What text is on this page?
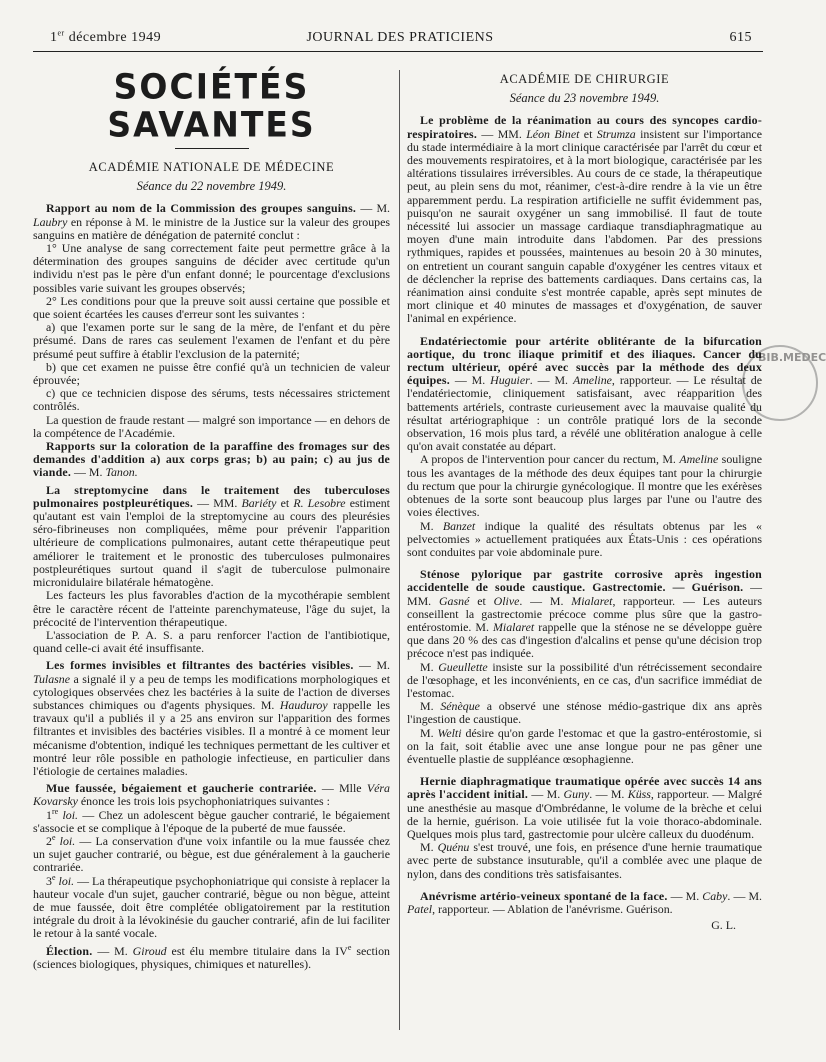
1er décembre 1949	JOURNAL DES PRATICIENS	615
BIB.MEDEC
SOCIÉTÉS SAVANTES
ACADÉMIE NATIONALE DE MÉDECINE
Séance du 22 novembre 1949.

Rapport au nom de la Commission des groupes sanguins. — M. Laubry en réponse à M. le ministre de la Justice sur la valeur des groupes sanguins en matière de dénégation de paternité conclut :

1° Une analyse de sang correctement faite peut permettre grâce à la détermination des groupes sanguins de décider avec certitude qu'un individu n'est pas le père d'un enfant donné; le pourcentage d'exclusions possibles varie suivant les groupes observés;

2° Les conditions pour que la preuve soit aussi certaine que possible et que soient écartées les causes d'erreur sont les suivantes :

a) que l'examen porte sur le sang de la mère, de l'enfant et du père présumé. Dans de rares cas seulement l'examen de l'enfant et du père présumé peut suffire à établir l'exclusion de la paternité;

b) que cet examen ne puisse être confié qu'à un technicien de valeur éprouvée;

c) que ce technicien dispose des sérums, tests nécessaires strictement contrôlés.

La question de fraude restant — malgré son importance — en dehors de la compétence de l'Académie.

Rapports sur la coloration de la paraffine des fromages sur des demandes d'addition a) aux corps gras; b) au pain; c) au jus de viande. — M. Tanon.

La streptomycine dans le traitement des tuberculoses pulmonaires postpleurétiques. — MM. Bariéty et R. Lesobre estiment qu'autant est vain l'emploi de la streptomycine au cours des pleurésies séro-fibrineuses non compliquées, même pour prévenir l'apparition ultérieure de complications pulmonaires, autant cette thérapeutique peut améliorer le traitement et le pronostic des tuberculoses pulmonaires postpleurétiques surtout quand il s'agit de tuberculose pulmonaire micronidulaire bilatérale hématogène.

Les facteurs les plus favorables d'action de la mycothérapie semblent être le caractère récent de l'atteinte parenchymateuse, l'âge du sujet, la précocité de l'intervention thérapeutique.

L'association de P. A. S. a paru renforcer l'action de l'antibiotique, quand celle-ci avait été insuffisante.

Les formes invisibles et filtrantes des bactéries visibles. — M. Tulasne a signalé il y a peu de temps les modifications morphologiques et cytologiques observées chez les bactéries à la suite de l'action de diverses substances chimiques ou d'agents physiques. M. Hauduroy rappelle les travaux qu'il a publiés il y a 25 ans environ sur l'apparition des formes filtrantes et invisibles des bactéries visibles. Il a montré à ce moment leur mécanisme d'obtention, indiqué les techniques permettant de les cultiver et montré leur rôle possible en pathologie infectieuse, en particulier dans l'étiologie de certaines maladies.

Mue faussée, bégaiement et gaucherie contrariée. — Mlle Véra Kovarsky énonce les trois lois psychophoniatriques suivantes :

1re loi. — Chez un adolescent bègue gaucher contrarié, le bégaiement s'associe et se complique à l'époque de la puberté de mue faussée.

2e loi. — La conservation d'une voix infantile ou la mue faussée chez un sujet gaucher contrarié, ou bègue, est due généralement à la gaucherie contrariée.

3e loi. — La thérapeutique psychophoniatrique qui consiste à replacer la hauteur vocale d'un sujet, gaucher contrarié, bègue ou non bègue, atteint de mue faussée, doit être complétée obligatoirement par la restitution intégrale du droit à la lévokinésie du gaucher contrarié, afin de lui faciliter le retour à la santé vocale.

Élection. — M. Giroud est élu membre titulaire dans la IVe section (sciences biologiques, physiques, chimiques et naturelles).

ACADÉMIE DE CHIRURGIE
Séance du 23 novembre 1949.

Le problème de la réanimation au cours des syncopes cardio-respiratoires. — MM. Léon Binet et Strumza insistent sur l'importance du stade intermédiaire à la mort clinique caractérisée par l'arrêt du cœur et des mouvements respiratoires, et à la mort biologique, caractérisée par les altérations tissulaires irréversibles. Au cours de ce stade, la thérapeutique peut, au plein sens du mot, réanimer, c'est-à-dire rendre à la vie un être apparemment perdu. La respiration artificielle ne suffit évidemment pas, puisqu'on ne saurait oxygéner un sang immobilisé. Il faut de toute nécessité lui associer un massage cardiaque transdiaphragmatique au moyen d'une main introduite dans l'abdomen. Par des pressions rythmiques, rapides et poussées, maintenues au besoin 20 à 30 minutes, on entretient un courant sanguin capable d'oxygéner les centres vitaux et de déclencher la reprise des battements cardiaques. Dans certains cas, la réanimation ainsi conduite s'est montrée capable, après sept minutes de mort clinique et 40 minutes de massages et d'oxygénation, de sauver l'animal en expérience.

Endatériectomie pour artérite oblitérante de la bifurcation aortique, du tronc iliaque primitif et des iliaques. Cancer du rectum ultérieur, opéré avec succès par la méthode des deux équipes. — M. Huguier. — M. Ameline, rapporteur. — Le résultat de l'endatériectomie, cliniquement satisfaisant, avec réapparition des battements artériels, contraste curieusement avec la mauvaise qualité du résultat artériographique : un contrôle pratiqué lors de la seconde observation, 16 mois plus tard, a révélé une oblitération analogue à celle qu'on avait constatée au départ.

A propos de l'intervention pour cancer du rectum, M. Ameline souligne tous les avantages de la méthode des deux équipes tant pour la chirurgie du rectum que pour la chirurgie gynécologique. Il montre que les exérèses obtenues de la sorte sont beaucoup plus larges par l'une ou l'autre des voies électives.

M. Banzet indique la qualité des résultats obtenus par les « pelvectomies » actuellement pratiquées aux États-Unis : ces opérations sont conduites par voie abdominale pure.

Sténose pylorique par gastrite corrosive après ingestion accidentelle de soude caustique. Gastrectomie. — Guérison. — MM. Gasné et Olive. — M. Mialaret, rapporteur. — Les auteurs conseillent la gastrectomie précoce comme plus sûre que la gastro-entérostomie. M. Mialaret rappelle que la sténose ne se développe guère que dans 20 % des cas d'ingestion d'alcalins et pense qu'une décision trop précoce n'est pas indiquée.

M. Gueullette insiste sur la possibilité d'un rétrécissement secondaire de l'œsophage, et les inconvénients, en ce cas, d'un sacrifice immédiat de l'estomac.

M. Sénèque a observé une sténose médio-gastrique dix ans après l'ingestion de caustique.

M. Welti désire qu'on garde l'estomac et que la gastro-entérostomie, si on la fait, soit établie avec une anse longue pour ne pas gêner une éventuelle plastie de suppléance œsophagienne.

Hernie diaphragmatique traumatique opérée avec succès 14 ans après l'accident initial. — M. Guny. — M. Küss, rapporteur. — Malgré une anesthésie au masque d'Ombrédanne, le volume de la brèche et celui de la hernie, guérison. La voie utilisée fut la voie thoraco-abdominale. Quelques mois plus tard, gastrectomie pour ulcère calleux du duodénum.

M. Quénu s'est trouvé, une fois, en présence d'une hernie traumatique avec perte de substance insuturable, qu'il a comblée avec une plaque de nylon, dans des conditions très satisfaisantes.

Anévrisme artério-veineux spontané de la face. — M. Caby. — M. Patel, rapporteur. — Ablation de l'anévrisme. Guérison.

G. L.
